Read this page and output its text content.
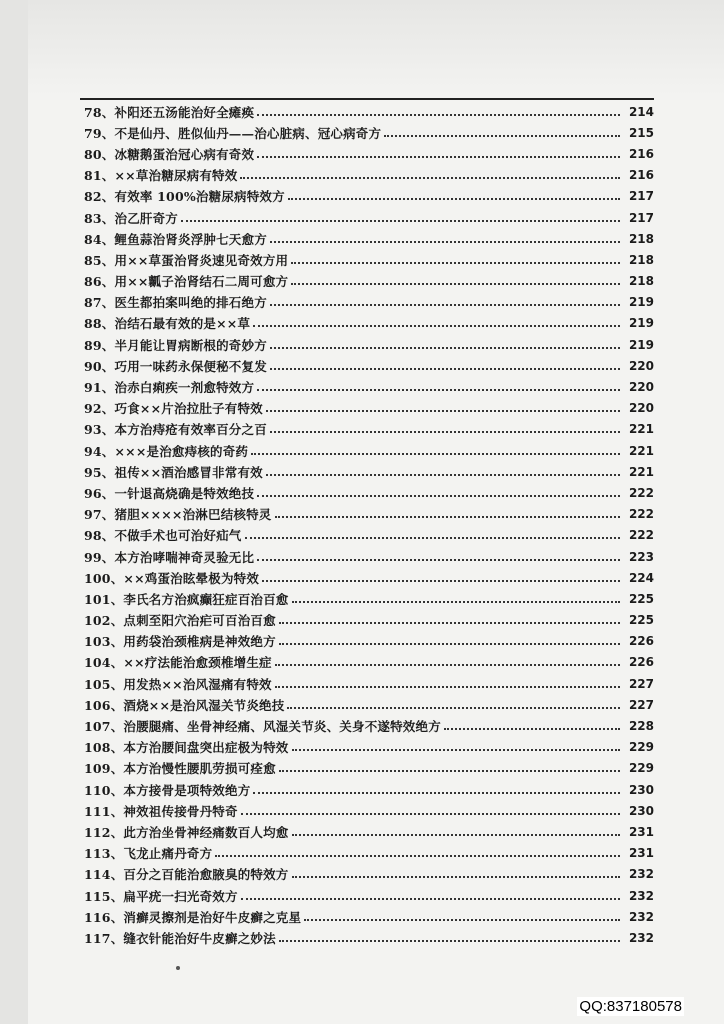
78、补阳还五汤能治好全瘫痪	214
79、不是仙丹、胜似仙丹——治心脏病、冠心病奇方	215
80、冰糖鹅蛋治冠心病有奇效	216
81、××草治糖尿病有特效	216
82、有效率 100%治糖尿病特效方	217
83、治乙肝奇方	217
84、鲤鱼蒜治肾炎浮肿七天愈方	218
85、用××草蛋治肾炎速见奇效方用	218
86、用××瓤子治肾结石二周可愈方	218
87、医生都拍案叫绝的排石绝方	219
88、治结石最有效的是××草	219
89、半月能让胃病断根的奇妙方	219
90、巧用一味药永保便秘不复发	220
91、治赤白痢疾一剂愈特效方	220
92、巧食××片治拉肚子有特效	220
93、本方治痔疮有效率百分之百	221
94、×××是治愈痔核的奇药	221
95、祖传××酒治感冒非常有效	221
96、一针退高烧确是特效绝技	222
97、猪胆××××治淋巴结核特灵	222
98、不做手术也可治好疝气	222
99、本方治哮喘神奇灵验无比	223
100、××鸡蛋治眩晕极为特效	224
101、李氏名方治疯癫狂症百治百愈	225
102、点刺至阳穴治疟可百治百愈	225
103、用药袋治颈椎病是神效绝方	226
104、××疗法能治愈颈椎增生症	226
105、用发热××治风湿痛有特效	227
106、酒烧××是治风湿关节炎绝技	227
107、治腰腿痛、坐骨神经痛、风湿关节炎、关身不遂特效绝方	228
108、本方治腰间盘突出症极为特效	229
109、本方治慢性腰肌劳损可痊愈	229
110、本方接骨是项特效绝方	230
111、神效祖传接骨丹特奇	230
112、此方治坐骨神经痛数百人均愈	231
113、飞龙止痛丹奇方	231
114、百分之百能治愈腋臭的特效方	232
115、扁平疣一扫光奇效方	232
116、消癣灵擦剂是治好牛皮癣之克星	232
117、缝衣针能治好牛皮癣之妙法	232
QQ:837180578
